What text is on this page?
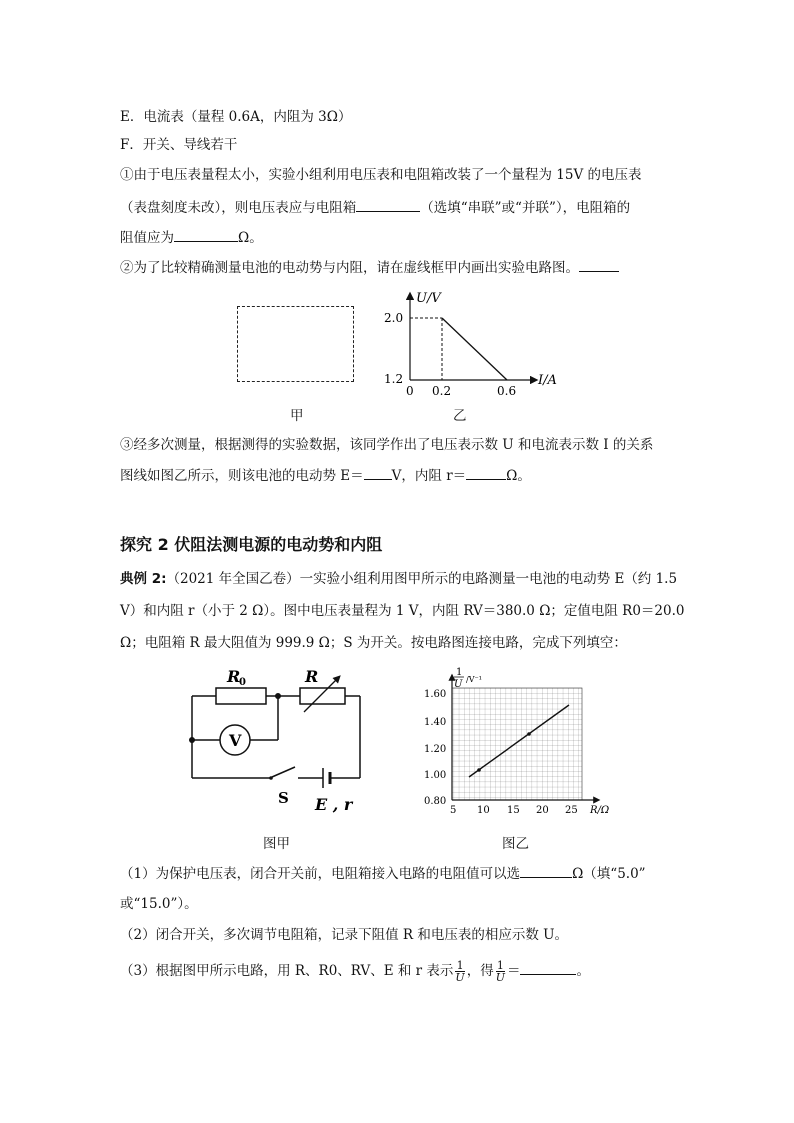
E．电流表（量程 0.6A，内阻为 3Ω）
F．开关、导线若干
①由于电压表量程太小，实验小组利用电压表和电阻箱改装了一个量程为 15V 的电压表
（表盘刻度未改），则电压表应与电阻箱	（选填“串联”或“并联”），电阻箱的
阻值应为	Ω。
②为了比较精确测量电池的电动势与内阻，请在虚线框甲内画出实验电路图。
甲
U/V
I/A
2.0
1.2
0 0.2	0.6
乙
③经多次测量，根据测得的实验数据，该同学作出了电压表示数 U 和电流表示数 I 的关系
图线如图乙所示，则该电池的电动势 E＝ V，内阻 r＝	Ω。
探究 2 伏阻法测电源的电动势和内阻
典例 2:（2021 年全国乙卷）一实验小组利用图甲所示的电路测量一电池的电动势 E（约 1.5
V）和内阻 r（小于 2 Ω）。图中电压表量程为 1 V，内阻 RV＝380.0 Ω；定值电阻 R0＝20.0
Ω；电阻箱 R 最大阻值为 999.9 Ω；S 为开关。按电路图连接电路，完成下列填空：
V
R
0	R
S E , r
图甲
1
U /V⁻¹
1.60
1.40
1.20
1.00
0.80
5 10 15 20 25 R/Ω
图乙
（1）为保护电压表，闭合开关前，电阻箱接入电路的电阻值可以选	Ω（填“5.0”
或“15.0”）。
（2）闭合开关，多次调节电阻箱，记录下阻值 R 和电压表的相应示数 U。
（3）根据图甲所示电路，用 R、R0、RV、E 和 r 表示 $\frac{1}{U}$ ，得 $\frac{1}{U}$ ＝	。
